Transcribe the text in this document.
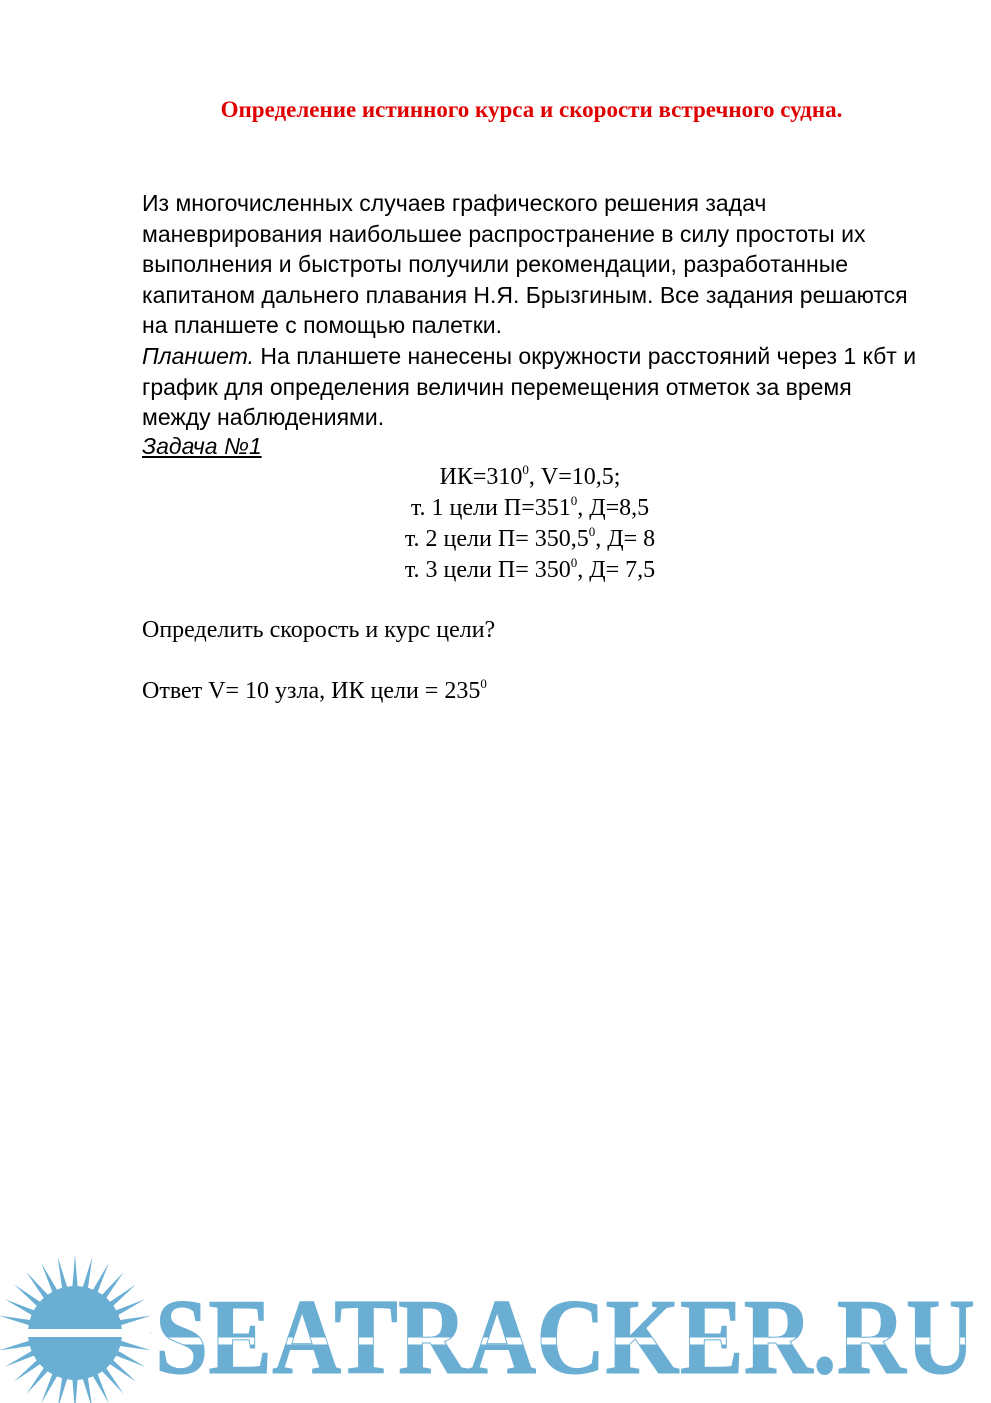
Определение истинного курса и скорости встречного судна.

Из многочисленных случаев графического решения задач маневрирования наибольшее распространение в силу простоты их выполнения и быстроты получили рекомендации, разработанные капитаном дальнего плавания Н.Я. Брызгиным. Все задания решаются на планшете с помощью палетки.

Планшет. На планшете нанесены окружности расстояний через 1 кбт и график для определения величин перемещения отметок за время между наблюдениями.

Задача №1

$ИК=310^0$, V=10,5;

т. 1 цели $П=351^0$, Д=8,5

т. 2 цели $П= 350,5^0$, Д= 8

т. 3 цели $П= 350^0$, Д= 7,5

Определить скорость и курс цели?

Ответ V= 10 узла, ИК цели = $235^0$

SEATRACKER.RU
